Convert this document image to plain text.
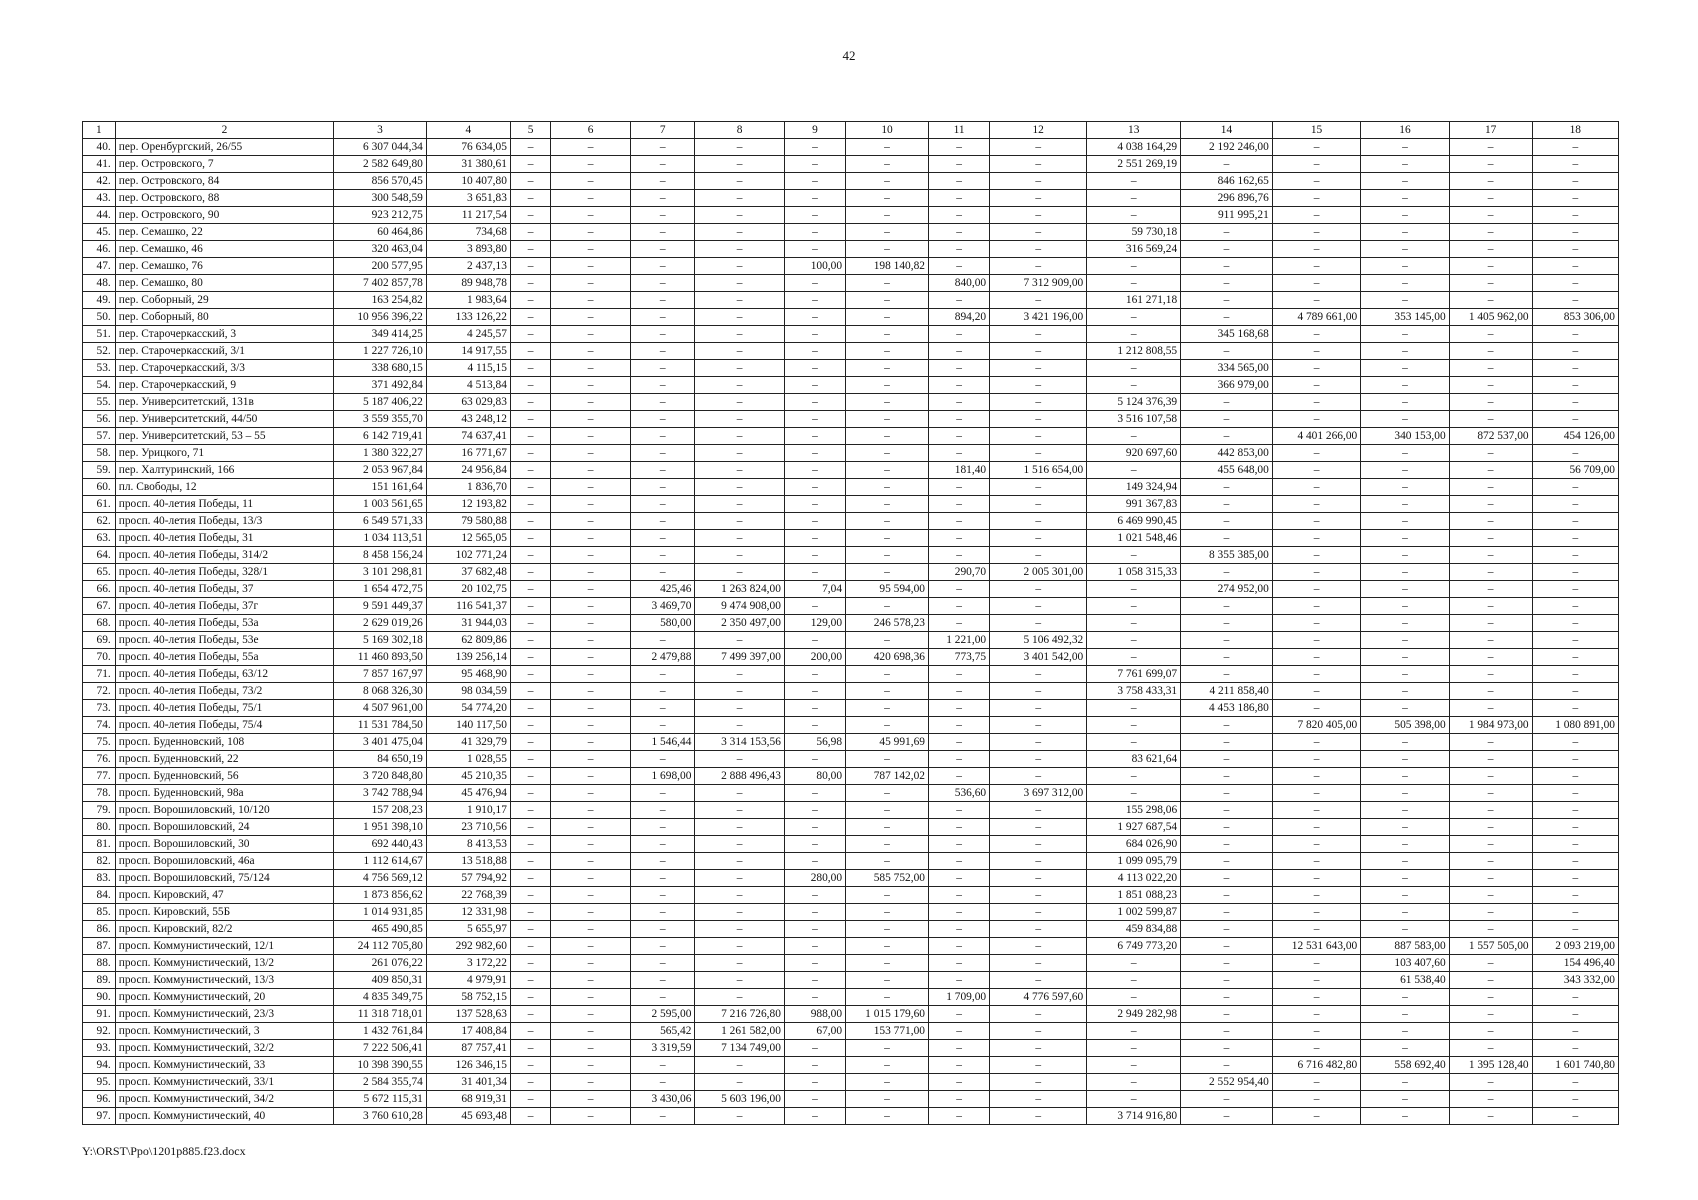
42
1	2	3	4	5	6	7	8	9	10	11	12	13	14	15	16	17	18
40.	пер. Оренбургский, 26/55	6 307 044,34	76 634,05	–	–	–	–	–	–	–	–	4 038 164,29	2 192 246,00	–	–	–	–
41.	пер. Островского, 7	2 582 649,80	31 380,61	–	–	–	–	–	–	–	–	2 551 269,19	–	–	–	–	–
42.	пер. Островского, 84	856 570,45	10 407,80	–	–	–	–	–	–	–	–	–	846 162,65	–	–	–	–
43.	пер. Островского, 88	300 548,59	3 651,83	–	–	–	–	–	–	–	–	–	296 896,76	–	–	–	–
44.	пер. Островского, 90	923 212,75	11 217,54	–	–	–	–	–	–	–	–	–	911 995,21	–	–	–	–
45.	пер. Семашко, 22	60 464,86	734,68	–	–	–	–	–	–	–	–	59 730,18	–	–	–	–	–
46.	пер. Семашко, 46	320 463,04	3 893,80	–	–	–	–	–	–	–	–	316 569,24	–	–	–	–	–
47.	пер. Семашко, 76	200 577,95	2 437,13	–	–	–	–	100,00	198 140,82	–	–	–	–	–	–	–	–
48.	пер. Семашко, 80	7 402 857,78	89 948,78	–	–	–	–	–	–	840,00	7 312 909,00	–	–	–	–	–	–
49.	пер. Соборный, 29	163 254,82	1 983,64	–	–	–	–	–	–	–	–	161 271,18	–	–	–	–	–
50.	пер. Соборный, 80	10 956 396,22	133 126,22	–	–	–	–	–	–	894,20	3 421 196,00	–	–	4 789 661,00	353 145,00	1 405 962,00	853 306,00
51.	пер. Старочеркасский, 3	349 414,25	4 245,57	–	–	–	–	–	–	–	–	–	345 168,68	–	–	–	–
52.	пер. Старочеркасский, 3/1	1 227 726,10	14 917,55	–	–	–	–	–	–	–	–	1 212 808,55	–	–	–	–	–
53.	пер. Старочеркасский, 3/3	338 680,15	4 115,15	–	–	–	–	–	–	–	–	–	334 565,00	–	–	–	–
54.	пер. Старочеркасский, 9	371 492,84	4 513,84	–	–	–	–	–	–	–	–	–	366 979,00	–	–	–	–
55.	пер. Университетский, 131в	5 187 406,22	63 029,83	–	–	–	–	–	–	–	–	5 124 376,39	–	–	–	–	–
56.	пер. Университетский, 44/50	3 559 355,70	43 248,12	–	–	–	–	–	–	–	–	3 516 107,58	–	–	–	–	–
57.	пер. Университетский, 53 – 55	6 142 719,41	74 637,41	–	–	–	–	–	–	–	–	–	–	4 401 266,00	340 153,00	872 537,00	454 126,00
58.	пер. Урицкого, 71	1 380 322,27	16 771,67	–	–	–	–	–	–	–	–	920 697,60	442 853,00	–	–	–	–
59.	пер. Халтуринский, 166	2 053 967,84	24 956,84	–	–	–	–	–	–	181,40	1 516 654,00	–	455 648,00	–	–	–	56 709,00
60.	пл. Свободы, 12	151 161,64	1 836,70	–	–	–	–	–	–	–	–	149 324,94	–	–	–	–	–
61.	просп. 40-летия Победы, 11	1 003 561,65	12 193,82	–	–	–	–	–	–	–	–	991 367,83	–	–	–	–	–
62.	просп. 40-летия Победы, 13/3	6 549 571,33	79 580,88	–	–	–	–	–	–	–	–	6 469 990,45	–	–	–	–	–
63.	просп. 40-летия Победы, 31	1 034 113,51	12 565,05	–	–	–	–	–	–	–	–	1 021 548,46	–	–	–	–	–
64.	просп. 40-летия Победы, 314/2	8 458 156,24	102 771,24	–	–	–	–	–	–	–	–	–	8 355 385,00	–	–	–	–
65.	просп. 40-летия Победы, 328/1	3 101 298,81	37 682,48	–	–	–	–	–	–	290,70	2 005 301,00	1 058 315,33	–	–	–	–	–
66.	просп. 40-летия Победы, 37	1 654 472,75	20 102,75	–	–	425,46	1 263 824,00	7,04	95 594,00	–	–	–	274 952,00	–	–	–	–
67.	просп. 40-летия Победы, 37г	9 591 449,37	116 541,37	–	–	3 469,70	9 474 908,00	–	–	–	–	–	–	–	–	–	–
68.	просп. 40-летия Победы, 53а	2 629 019,26	31 944,03	–	–	580,00	2 350 497,00	129,00	246 578,23	–	–	–	–	–	–	–	–
69.	просп. 40-летия Победы, 53е	5 169 302,18	62 809,86	–	–	–	–	–	–	1 221,00	5 106 492,32	–	–	–	–	–	–
70.	просп. 40-летия Победы, 55а	11 460 893,50	139 256,14	–	–	2 479,88	7 499 397,00	200,00	420 698,36	773,75	3 401 542,00	–	–	–	–	–	–
71.	просп. 40-летия Победы, 63/12	7 857 167,97	95 468,90	–	–	–	–	–	–	–	–	7 761 699,07	–	–	–	–	–
72.	просп. 40-летия Победы, 73/2	8 068 326,30	98 034,59	–	–	–	–	–	–	–	–	3 758 433,31	4 211 858,40	–	–	–	–
73.	просп. 40-летия Победы, 75/1	4 507 961,00	54 774,20	–	–	–	–	–	–	–	–	–	4 453 186,80	–	–	–	–
74.	просп. 40-летия Победы, 75/4	11 531 784,50	140 117,50	–	–	–	–	–	–	–	–	–	–	7 820 405,00	505 398,00	1 984 973,00	1 080 891,00
75.	просп. Буденновский, 108	3 401 475,04	41 329,79	–	–	1 546,44	3 314 153,56	56,98	45 991,69	–	–	–	–	–	–	–	–
76.	просп. Буденновский, 22	84 650,19	1 028,55	–	–	–	–	–	–	–	–	83 621,64	–	–	–	–	–
77.	просп. Буденновский, 56	3 720 848,80	45 210,35	–	–	1 698,00	2 888 496,43	80,00	787 142,02	–	–	–	–	–	–	–	–
78.	просп. Буденновский, 98а	3 742 788,94	45 476,94	–	–	–	–	–	–	536,60	3 697 312,00	–	–	–	–	–	–
79.	просп. Ворошиловский, 10/120	157 208,23	1 910,17	–	–	–	–	–	–	–	–	155 298,06	–	–	–	–	–
80.	просп. Ворошиловский, 24	1 951 398,10	23 710,56	–	–	–	–	–	–	–	–	1 927 687,54	–	–	–	–	–
81.	просп. Ворошиловский, 30	692 440,43	8 413,53	–	–	–	–	–	–	–	–	684 026,90	–	–	–	–	–
82.	просп. Ворошиловский, 46а	1 112 614,67	13 518,88	–	–	–	–	–	–	–	–	1 099 095,79	–	–	–	–	–
83.	просп. Ворошиловский, 75/124	4 756 569,12	57 794,92	–	–	–	–	280,00	585 752,00	–	–	4 113 022,20	–	–	–	–	–
84.	просп. Кировский, 47	1 873 856,62	22 768,39	–	–	–	–	–	–	–	–	1 851 088,23	–	–	–	–	–
85.	просп. Кировский, 55Б	1 014 931,85	12 331,98	–	–	–	–	–	–	–	–	1 002 599,87	–	–	–	–	–
86.	просп. Кировский, 82/2	465 490,85	5 655,97	–	–	–	–	–	–	–	–	459 834,88	–	–	–	–	–
87.	просп. Коммунистический, 12/1	24 112 705,80	292 982,60	–	–	–	–	–	–	–	–	6 749 773,20	–	12 531 643,00	887 583,00	1 557 505,00	2 093 219,00
88.	просп. Коммунистический, 13/2	261 076,22	3 172,22	–	–	–	–	–	–	–	–	–	–	–	103 407,60	–	154 496,40
89.	просп. Коммунистический, 13/3	409 850,31	4 979,91	–	–	–	–	–	–	–	–	–	–	–	61 538,40	–	343 332,00
90.	просп. Коммунистический, 20	4 835 349,75	58 752,15	–	–	–	–	–	–	1 709,00	4 776 597,60	–	–	–	–	–	–
91.	просп. Коммунистический, 23/3	11 318 718,01	137 528,63	–	–	2 595,00	7 216 726,80	988,00	1 015 179,60	–	–	2 949 282,98	–	–	–	–	–
92.	просп. Коммунистический, 3	1 432 761,84	17 408,84	–	–	565,42	1 261 582,00	67,00	153 771,00	–	–	–	–	–	–	–	–
93.	просп. Коммунистический, 32/2	7 222 506,41	87 757,41	–	–	3 319,59	7 134 749,00	–	–	–	–	–	–	–	–	–	–
94.	просп. Коммунистический, 33	10 398 390,55	126 346,15	–	–	–	–	–	–	–	–	–	–	6 716 482,80	558 692,40	1 395 128,40	1 601 740,80
95.	просп. Коммунистический, 33/1	2 584 355,74	31 401,34	–	–	–	–	–	–	–	–	–	2 552 954,40	–	–	–	–
96.	просп. Коммунистический, 34/2	5 672 115,31	68 919,31	–	–	3 430,06	5 603 196,00	–	–	–	–	–	–	–	–	–	–
97.	просп. Коммунистический, 40	3 760 610,28	45 693,48	–	–	–	–	–	–	–	–	3 714 916,80	–	–	–	–	–
Y:\ORST\Ppo\1201p885.f23.docx
